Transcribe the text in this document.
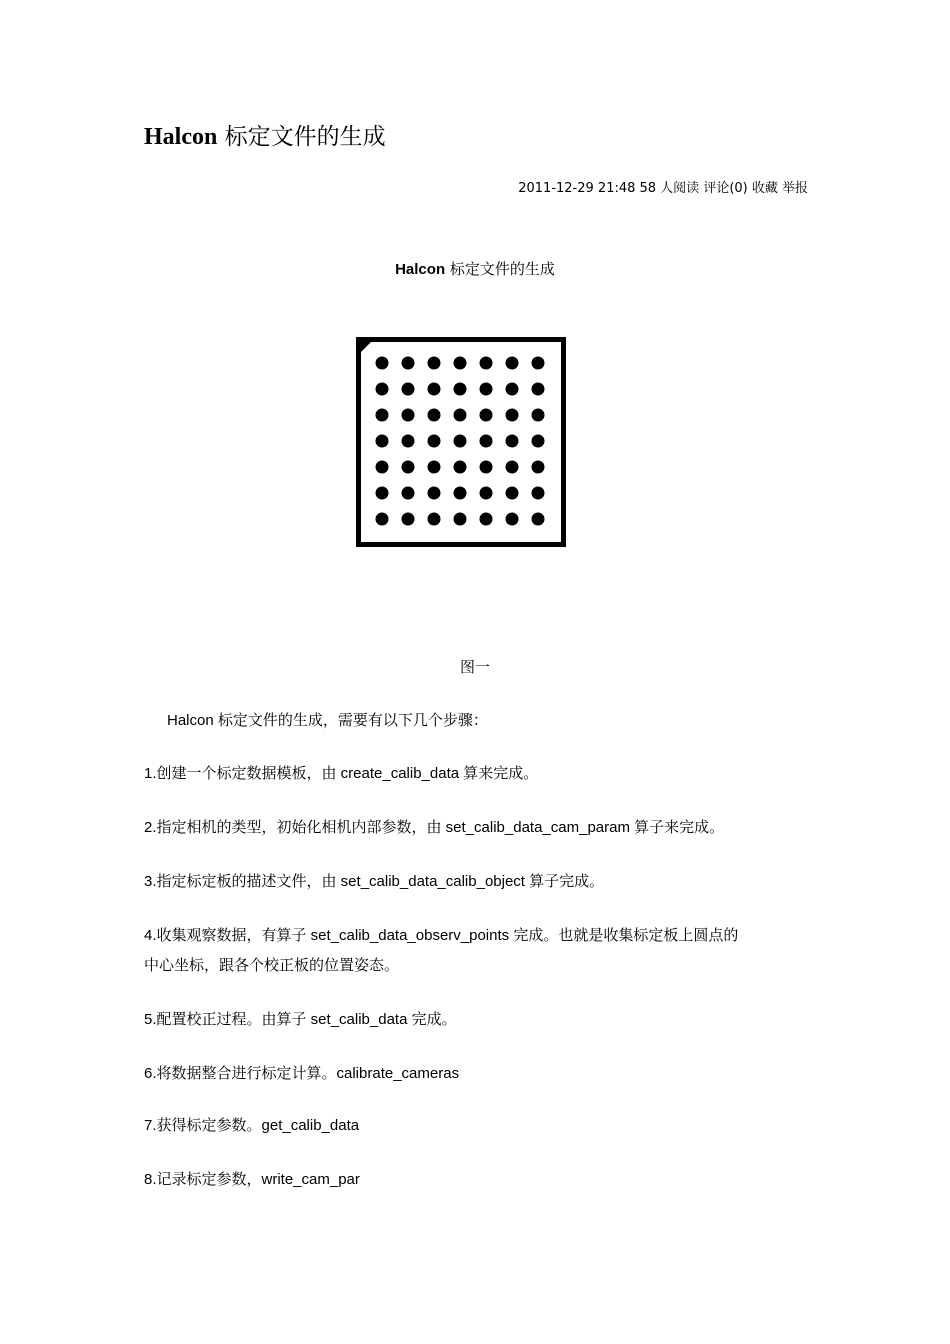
Halcon 标定文件的生成
2011-12-29 21:48 58 人阅读 评论(0) 收藏 举报
Halcon 标定文件的生成
图一
Halcon 标定文件的生成，需要有以下几个步骤：
1.创建一个标定数据模板，由 create_calib_data 算来完成。
2.指定相机的类型，初始化相机内部参数，由 set_calib_data_cam_param 算子来完成。
3.指定标定板的描述文件，由 set_calib_data_calib_object 算子完成。
4.收集观察数据，有算子 set_calib_data_observ_points 完成。也就是收集标定板上圆点的
中心坐标，跟各个校正板的位置姿态。
5.配置校正过程。由算子 set_calib_data 完成。
6.将数据整合进行标定计算。calibrate_cameras
7.获得标定参数。get_calib_data
8.记录标定参数，write_cam_par
